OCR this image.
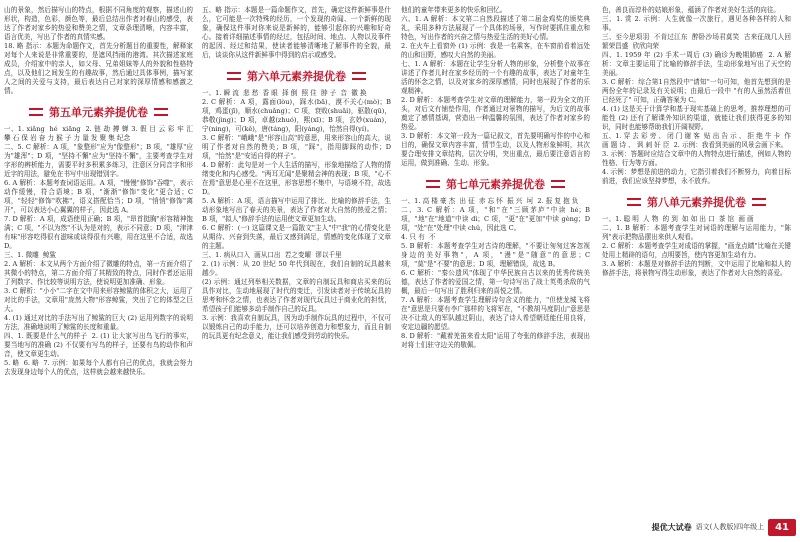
山的景象，然后描写山的特点，根据不同角度的观察，描述山的形状，构造，色彩，颜色等，最后总结出作者对春山的感受，表达了作者对家乡的热爱和赞美之情，文章条理清晰，内容丰富，语言优美，写出了作者的真情实感。

18. 略 指示：本题为命题作文，首先分析题目的重要性，解释家对每个人来说是非常重要的，是遮风挡雨的港湾。其次描述家庭成员，介绍家中的亲人，如父母、兄弟姐妹等人的外貌和性格特点，以及他们之间发生的有趣故事，然后通过具体事例，描写家人之间的关爱与支持，最后表达自己对家的深厚情感和感激之情。

第五单元素养提优卷

一、1. xiǎng  hé  xiāng  2. 链 劫 搏 蝉 3. 假 目 云 彩 牢 汇 攀 石 保 岩 奋 力 猴 子 力 量 发 聚 集 纪念

二、5. C 解析：A 项，"象整形"应为"像整形"；B 项，"雄厚"应为"雄浑"；D 项，"坚持不懈"应为"坚持不懈"，主要考查学生对字形的辨析能力，需要平时多积累多练习，注意区分同音字和形近字的用法，避免在书写中出现错别字。

6. A 解析：本题考查词语运用。A 项，"慢慢"修饰"吞噬"，表示动作缓慢，符合语境；B 项，"渐渐"修饰"变化"更合适；C 项，"轻轻"修饰"吹拂"，语义搭配恰当；D 项，"悄悄"修饰"离开"，可以表达小心翼翼的样子，因此选 A。

7. D 解析：A 项，成语使用正确；B 项，"昂首挺胸"形容精神饱满；C 项，"不以为然"不认为是对的，表示不同意；D 项，"津津有味"形容吃得很有滋味或谈得很有兴趣，用在这里不合适，故选 D。

三、1. 微雕  鲸鲨

2. A 解析：本文从两个方面介绍了微雕的特点，第一方面介绍了其微小的特点，第二方面介绍了其精致的特点，同时作者还运用了列数字、作比较等说明方法，使说明更加准确、形象。

3. C 解析："小小"二字在文中用来形容鲸鲨的体积之大，运用了对比的手法，文章用"庞然大物"形容鲸鲨，突出了它的体型之巨大。

4. (1) 通过对比的手法写出了鲸鲨的巨大 (2) 运用列数字的说明方法，准确地说明了鲸鲨的长度和重量。

四、1. 既要是什么气的样子  2. (1) 让大家写出鸟飞行的事实，要当地写的准确 (2) 不仅要有写鸟的样子，还要有鸟的动作和声音，使文章更生动。

5. 略  6. 略  7. 示例：如果每个人都有自己的优点，我就会努力去发现身边每个人的优点，这样就会越来越快乐。

五、略 指示：本题是一篇命题作文，首先，确定这件新鲜事是什么，它可能是一次特殊的经历，一个发现的奇闻、一个新鲜的现象，确保这件事对你来说是新鲜的，能够引起你的兴趣和好奇心。接着详细描述事情的经过，包括时间、地点、人物以及事件的起因、经过和结果，使读者能够清晰地了解事件的全貌，最后，谈谈你从这件新鲜事中得到的启示或感受。

第六单元素养提优卷

一、1. 瞬 流  悲 愁  香 眼  择 倒  照 住  脖 子  音  徽 换

2. C 解析：A 项，露面(lòu)，踩水(bā)，漠不关心(mò)；B 项，鸡蛋(jī)，顺水(chuǎng)；C 项，衰败(shuāi)，驱散(qū)，恭敬(jìng)；D 项，卓越(zhuó)，熙(xī)；B 项，玄妙(xuán)，宁(ning)，可(kě)，唐(táng)，阳(yáng)，怡然自得(yí)。

3. C 解析："峨峨"是"形容山高"的意思，用来形容山的高大，说明了作者对自然的赞美；B 项，"踩"，指用脚踩的动作；D 项，"怡然"是"安适自得的样子"。

4. D 解析：此句是对一个人生活的描写，形象地描绘了人物的情绪变化和内心感受。"两耳无闻"是聚精会神的表现；B 项，"心不在焉"意思是心里不在这里，形容思想不集中，与语境不符，故选 D。

5. A 解析：A 项，语言描写中运用了排比、比喻的修辞手法，生动形象地写出了春天的美景，表达了作者对大自然的热爱之情；B 项，"拟人"修辞手法的运用使文章更加生动。

6. C 解析：(一) 这篇课文是一篇散文"主人"中"我"的心情变化是从期待、兴奋到失落，最后又感到满足，情感的变化体现了文章的主题。

三、1. 病从口入  画从口出  若之变曜  谬以千里

2. (1) 示例：从 20 世纪 50 年代到现在，我们自制的玩具越来越少。

(2) 示例：通过列举相关数据，文章的自制玩具和商店买来的玩具作对比，生动地展现了时代的变迁，引发读者对于传统玩具的思考和怀念之情，也表达了作者对现代玩具过于商业化的担忧，希望孩子们能够多动手制作自己的玩具。

3. 示例：我喜欢自制玩具，因为动手制作玩具的过程中，不仅可以锻炼自己的动手能力，还可以培养创造力和想象力，而且自制的玩具更有纪念意义，能让我们感受到劳动的快乐。

他们的童年带来更多的快乐和回忆。

六、1. A 解析：本文第二自然段描述了第二届金鸡奖的颁奖典礼，采用多种方法展现了一个具体的场景，写作时要抓住重点和特色，写出作者的兴奋之情与热爱生活的美好心情。

2. 在火车上看窗外 (1) 示例：我是一名乘客，在车窗前看着远处的山和田野，感叹大自然的美丽。

七、1. A 解析：本题在让学生分析人物的形象，分析整个故事在讲述了作者儿时在家乡经历的一个有趣的故事，表达了对童年生活的怀念之情，以及对家乡的深厚感情，同时也展现了作者的乐观精神。

2. D 解析：本题考查学生对文章的理解能力，第一段为全文的开头，对后文有铺垫作用，作者通过对景物的描写，为后文的故事奠定了感情基调，营造出一种温馨的氛围，表达了作者对家乡的热爱。

3. D 解析：本文第一段为一篇记叙文，首先要明确写作的中心和目的，确保文章内容丰富，情节生动，以及人物形象鲜明，其次要合理安排文章结构，层次分明，突出重点，最后要注意语言的运用，做到准确、生动、形象。

第七单元素养提优卷

一、1. 高 楼 豪 杰  出 征  赤 忘 怀  振 兴  坷  2. 报 复 抱 负

二、3. C 解析：A 项，"和"在"三顾茅庐"中读 hé；B 项，"地"在"地道"中读 dì；C 项，"更"在"更加"中读 gèng；D 项，"处"在"处理"中读 chǔ，因此选 C。

4. 只 有  不

5. B 解析：本题考查学生对古诗的理解，"不要让匆匆过客忽视身边的美好事物"，A 项，"漫"是"随意"的意思；C 项，"莫"是"不要"的意思；D 项，理解错误，故选 B。

6. C 解析："秦公遗风"体现了中华民族自古以来的优秀传统美德，表达了作者的爱国之情，第一句诗写出了战士英勇杀敌的气概，最后一句写出了胜利归来的喜悦之情。

7. A 解析：本题考查学生理解诗句含义的能力，"但使龙城飞将在"意思是只要有李广那样的飞将军在，"不教胡马度阴山"意思是决不让敌人的军队越过阴山，表达了诗人希望朝廷能任用良将，安定边疆的愿望。

8. D 解析："戴着羌笛来看太阳"运用了夸张的修辞手法，表现出对将士们驻守边关的敬佩。

色，善良而淳朴的姑娘形象，蕴涵了作者对美好生活的向往。

三、1. 赏 2. 示例：人生就像一次旅行，遇见各种各样的人和事。

三、至今思项羽  不肯过江东  醉卧沙场君莫笑  古来征战几人回  繁荣昌盛  欣欣向荣

四、1. 1959 年 (2) 手术一周后 (3) 确诊为晚期肺癌  2. A 解析：文章主要运用了比喻的修辞手法，生动形象地写出了天空的美丽。

3. C 解析：综合第1自然段中"请知"一句可知，他首先想到的是两份全年的记录及有关说明；由最后一段中 "有的人虽然活着但已经死了" 可知，正确答案为 C。

4. (1) 这是关于计算学和基于现实基础上的思考，推荐理想的可能性 (2) 还有了解课外知识的渠道，就能让我们获得更多的知识，同时也能够帮助我们开阔视野。

五、1. 穿 去 彩 旁 、 闭 门 谢 客  贴 出 告 示 、 拒 绝 牛 卡  作 画 题 诗 、 讽 刺 奸 臣  2. 示例：我看到美丽的风景会画下来。

3. 示例：答题时应结合文章中的人物特点进行描述，例如人物的性格、行为等方面。

4. 示例：梦想是前进的动力，它指引着我们不断努力，向着目标前进，我们应该坚持梦想，永不放弃。

第八单元素养提优卷

一、1. 聪 明  人 物  的 到  如 如 出 口  茶 馆  画 画

二、1. B 解析：本题考查学生对词语的理解与运用能力，"陈列"表示把物品摆出来供人观看。

2. C 解析：本题考查学生对成语的掌握，"画龙点睛"比喻在关键处用上精辟的语句，点明要旨，使内容更加生动有力。

3. A 解析：本题是对修辞手法的判断，文中运用了比喻和拟人的修辞手法，将景物写得生动形象，表达了作者对大自然的喜爱。

提优大试卷 语文(人教版)四年级上	41
